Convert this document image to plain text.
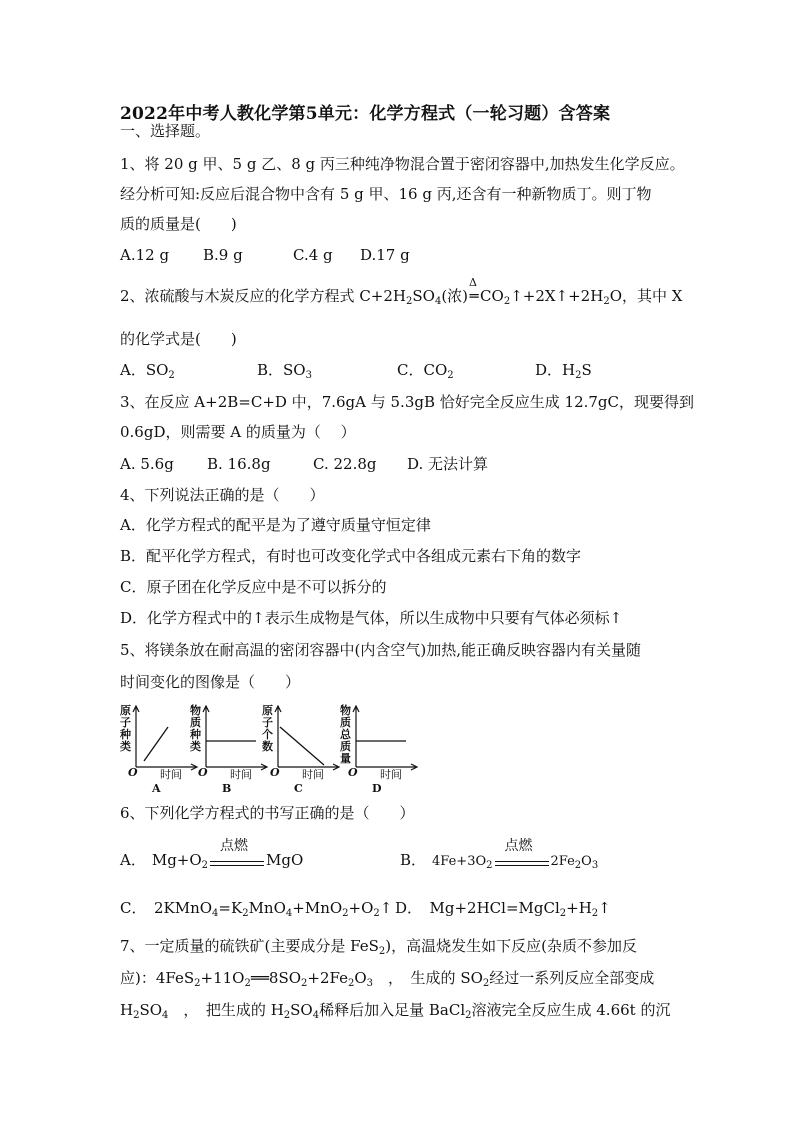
2022年中考人教化学第5单元：化学方程式（一轮习题）含答案
一、选择题。
1、将 20 g 甲、5 g 乙、8 g 丙三种纯净物混合置于密闭容器中,加热发生化学反应。
经分析可知:反应后混合物中含有 5 g 甲、16 g 丙,还含有一种新物质丁。则丁物
质的质量是(　　)
A.12 g B.9 g	C.4 g D.17 g
2、浓硫酸与木炭反应的化学方程式 $C+2H_2SO_4$(浓)
Δ
$═CO_2↑+2X↑+2H_2O$，其中 X
的化学式是(　　)
A．$SO_2$	B．$SO_3$	C．$CO_2$	D．$H_2S$
3、在反应 A+2B=C+D 中，7.6gA 与 5.3gB 恰好完全反应生成 12.7gC，现要得到
0.6gD，则需要 A 的质量为（　 ）
A. 5.6g B. 16.8g	C. 22.8g D. 无法计算
4、下列说法正确的是（　　）
A．化学方程式的配平是为了遵守质量守恒定律
B．配平化学方程式，有时也可改变化学式中各组成元素右下角的数字
C．原子团在化学反应中是不可以拆分的
D．化学方程式中的↑表示生成物是气体，所以生成物中只要有气体必须标↑
5、将镁条放在耐高温的密闭容器中(内含空气)加热,能正确反映容器内有关量随
时间变化的图像是（　　）
原
子
种
类
O 时间
A
物
质
种
类
O 时间
B
原
子
个
数
O 时间
C
物
质
总
质
量
O 时间
D
6、下列化学方程式的书写正确的是（　　）
A． $Mg+O_2$
点燃
MgO	B． $4Fe+3O_2$
点燃
$2Fe_2O_3$
C．　$2KMnO_4=K_2MnO_4+MnO_2+O_2↑$ D．　$Mg+2HCl=MgCl_2+H_2↑$
7、一定质量的硫铁矿(主要成分是 FeS$_2$)，高温烧发生如下反应(杂质不参加反
应)：$4FeS_2+11O_2══8SO_2+2Fe_2O_3$　，　生成的 $SO_2$经过一系列反应全部变成
$H_2SO_4$　，　把生成的 $H_2SO_4$稀释后加入足量 BaCl$_2$溶液完全反应生成 4.66t 的沉
